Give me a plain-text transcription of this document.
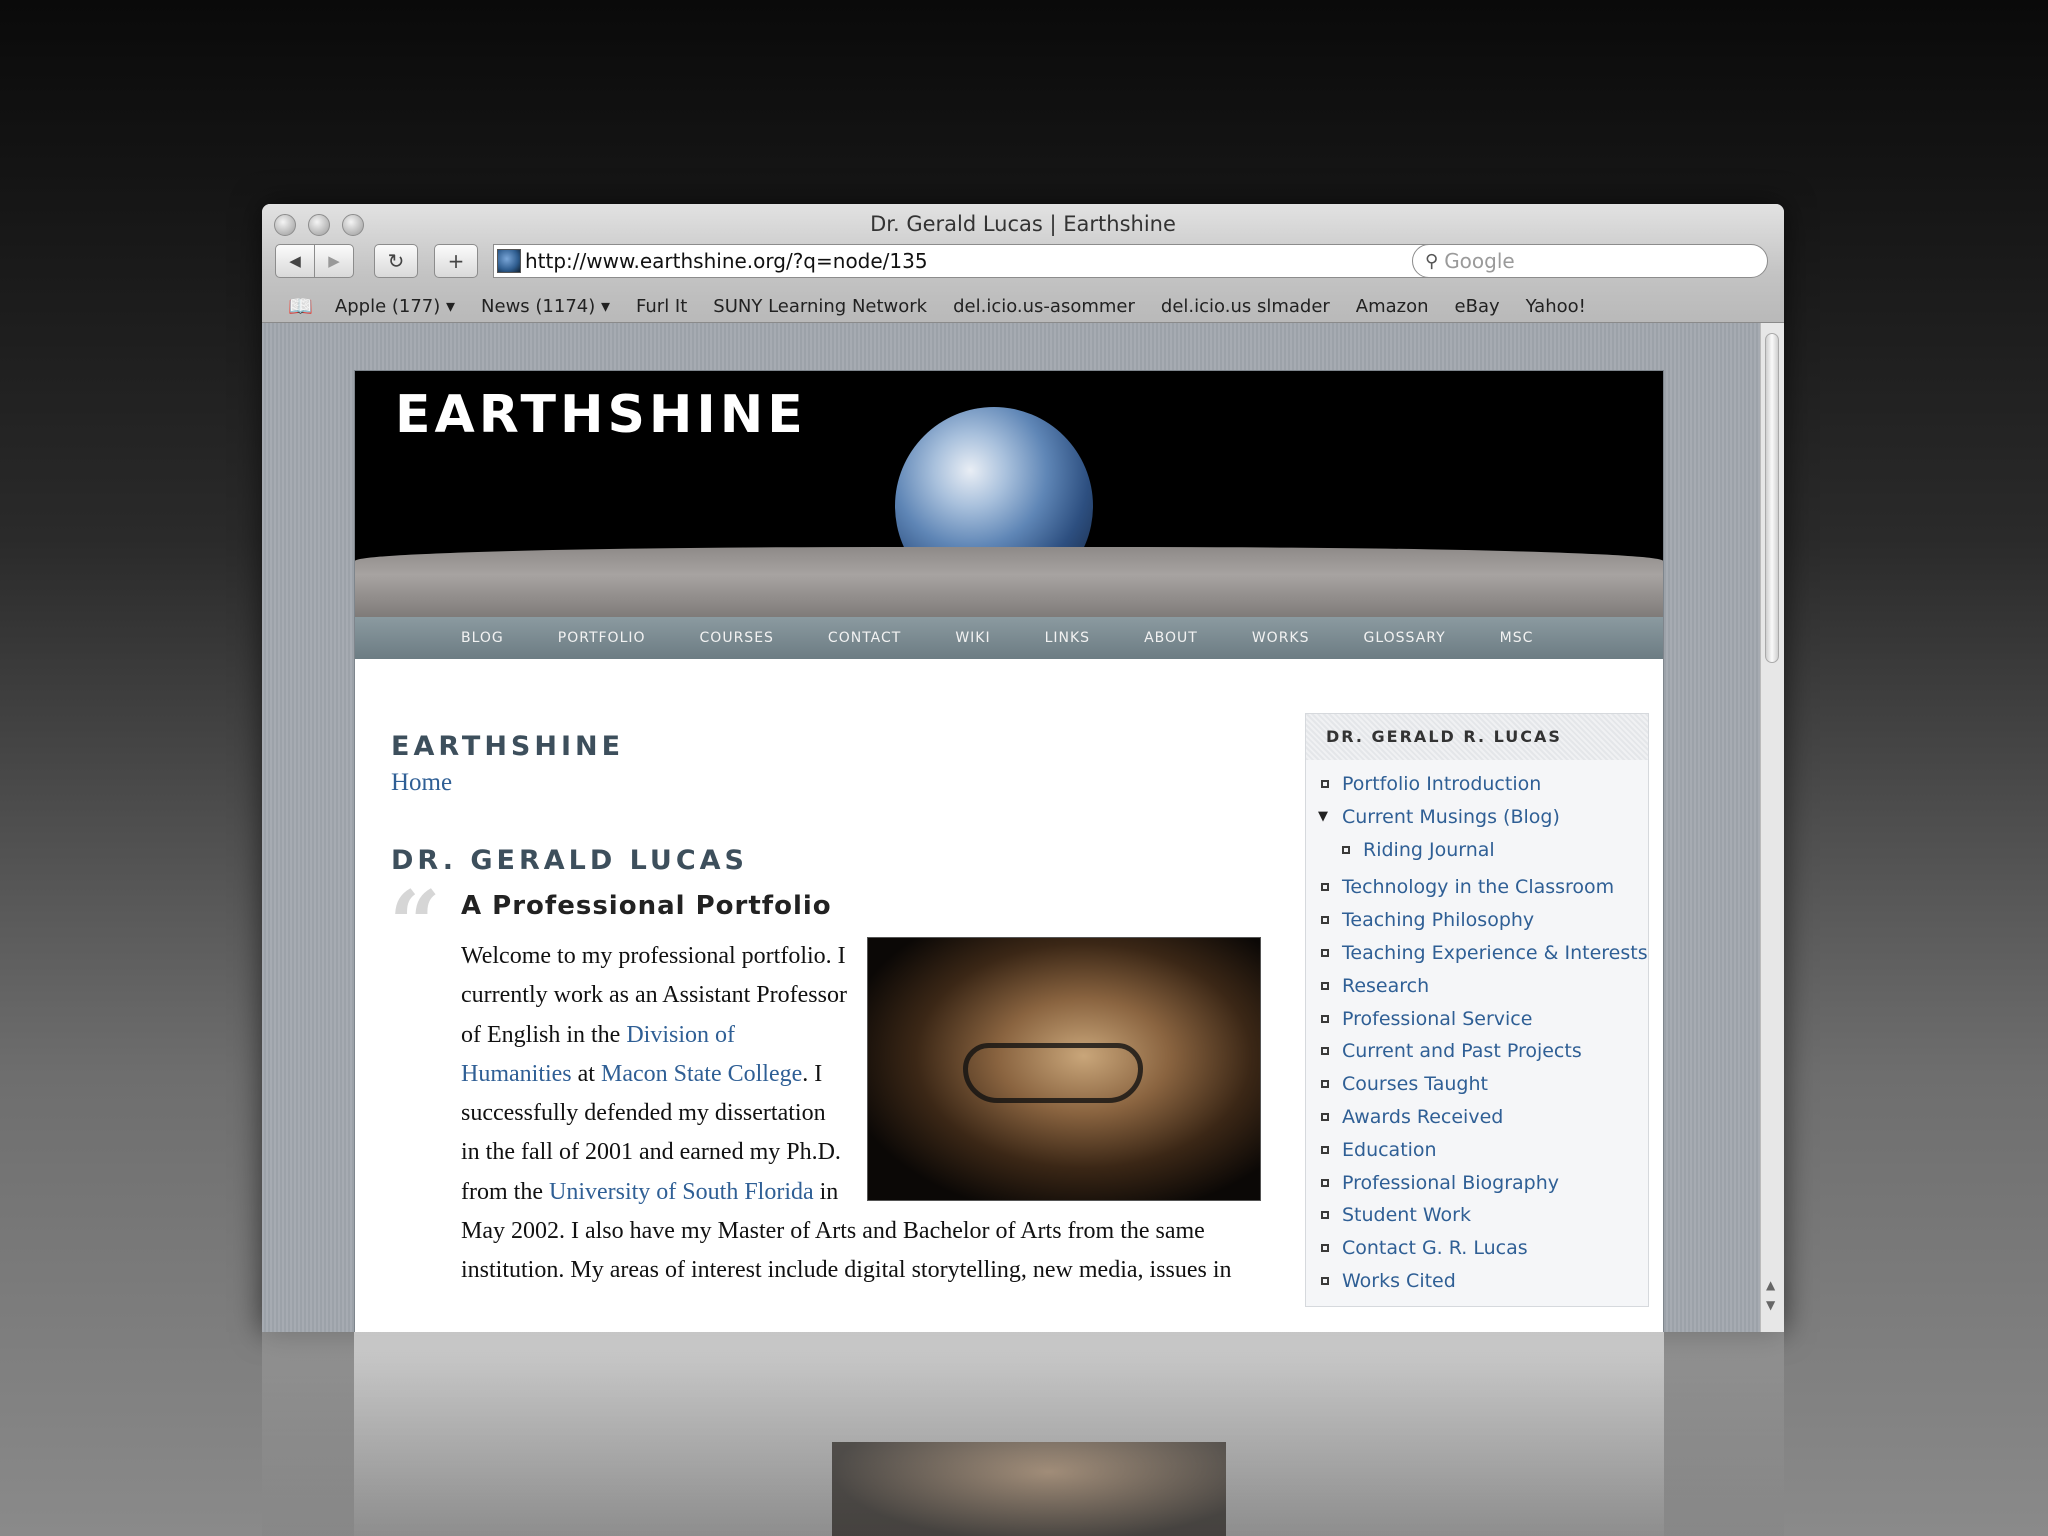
Dr. Gerald Lucas | Earthshine
◀ ▶ ↻ +	http://www.earthshine.org/?q=node/135	⚲ Google
📖 Apple (177) ▾ News (1174) ▾ Furl It SUNY Learning Network del.icio.us-asommer del.icio.us slmader Amazon eBay Yahoo!
EARTHSHINE
BLOG	PORTFOLIO	COURSES	CONTACT	WIKI	LINKS	ABOUT	WORKS	GLOSSARY	MSC
EARTHSHINE
Home
DR. GERALD LUCAS
“ A Professional Portfolio
Welcome to my professional portfolio. I currently work as an Assistant Professor of English in the Division of Humanities at Macon State College. I successfully defended my dissertation in the fall of 2001 and earned my Ph.D. from the University of South Florida in May 2002. I also have my Master of Arts and Bachelor of Arts from the same institution. My areas of interest include digital storytelling, new media, issues in
DR. GERALD R. LUCAS
Portfolio Introduction
▼ Current Musings (Blog)
Riding Journal
Technology in the Classroom
Teaching Philosophy
Teaching Experience & Interests
Research
Professional Service
Current and Past Projects
Courses Taught
Awards Received
Education
Professional Biography
Student Work
Contact G. R. Lucas
Works Cited	▲
▼
